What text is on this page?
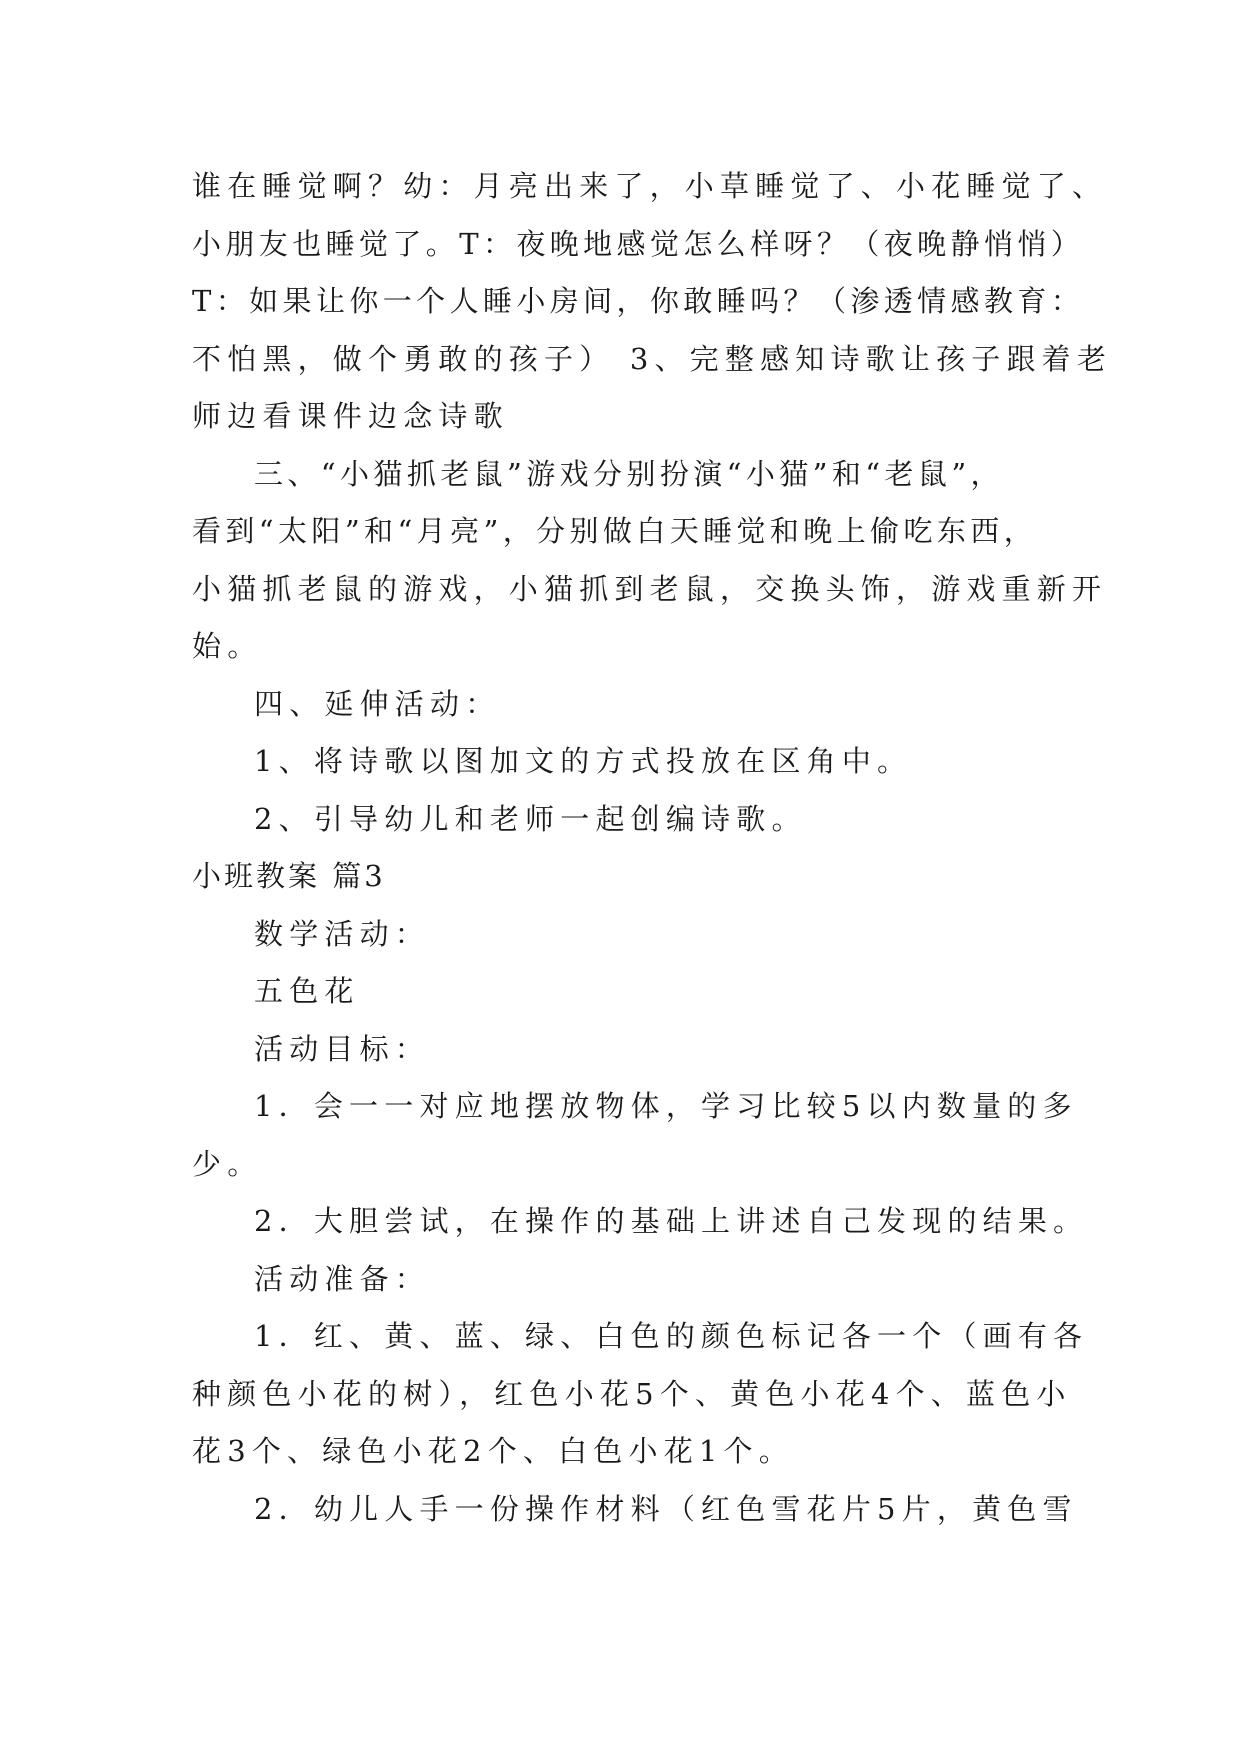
谁在睡觉啊？幼：月亮出来了，小草睡觉了、小花睡觉了、
小朋友也睡觉了。T：夜晚地感觉怎么样呀？（夜晚静悄悄）
T：如果让你一个人睡小房间，你敢睡吗？（渗透情感教育：
不怕黑，做个勇敢的孩子） 3、完整感知诗歌让孩子跟着老
师边看课件边念诗歌
三、“小猫抓老鼠”游戏分别扮演“小猫”和“老鼠”，
看到“太阳”和“月亮”，分别做白天睡觉和晚上偷吃东西，
小猫抓老鼠的游戏，小猫抓到老鼠，交换头饰，游戏重新开
始。
四、延伸活动：
1、将诗歌以图加文的方式投放在区角中。
2、引导幼儿和老师一起创编诗歌。
小班教案 篇3
数学活动：
五色花
活动目标：
1．会一一对应地摆放物体，学习比较5以内数量的多
少。
2．大胆尝试，在操作的基础上讲述自己发现的结果。
活动准备：
1．红、黄、蓝、绿、白色的颜色标记各一个（画有各
种颜色小花的树），红色小花5个、黄色小花4个、蓝色小
花3个、绿色小花2个、白色小花1个。
2．幼儿人手一份操作材料（红色雪花片5片，黄色雪
